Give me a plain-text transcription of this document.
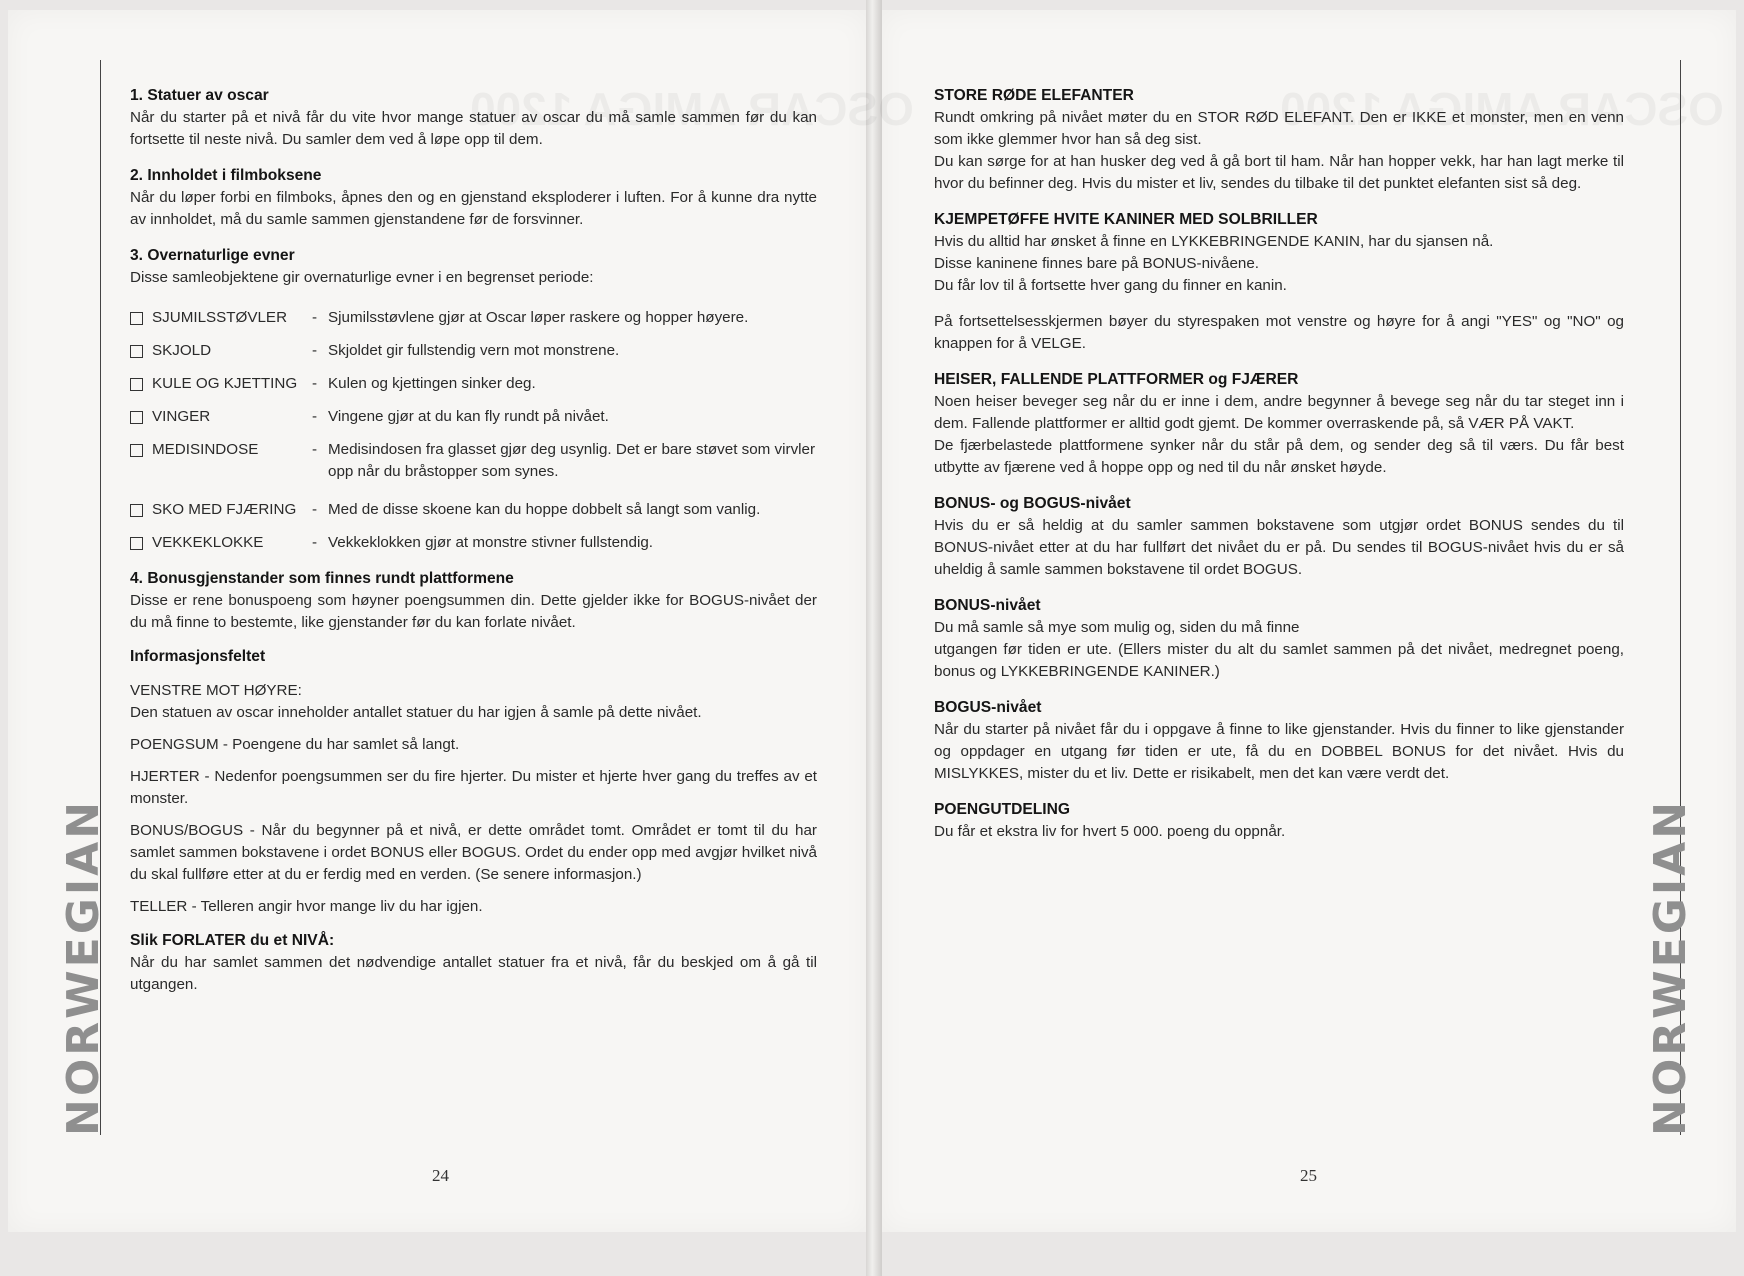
NORWEGIAN	NORWEGIAN
1. Statuer av oscar

Når du starter på et nivå får du vite hvor mange statuer av oscar du må samle sammen før du kan fortsette til neste nivå. Du samler dem ved å løpe opp til dem.

2. Innholdet i filmboksene

Når du løper forbi en filmboks, åpnes den og en gjenstand eksploderer i luften. For å kunne dra nytte av innholdet, må du samle sammen gjenstandene før de forsvinner.

3. Overnaturlige evner

Disse samleobjektene gir overnaturlige evner i en begrenset periode:

SJUMILSSTØVLER	- Sjumilsstøvlene gjør at Oscar løper raskere og hopper høyere.
SKJOLD	- Skjoldet gir fullstendig vern mot monstrene.
KULE OG KJETTING - Kulen og kjettingen sinker deg.
VINGER	- Vingene gjør at du kan fly rundt på nivået.
MEDISINDOSE	- Medisindosen fra glasset gjør deg usynlig. Det er bare støvet som virvler opp når du bråstopper som synes.
SKO MED FJÆRING	- Med de disse skoene kan du hoppe dobbelt så langt som vanlig.
VEKKEKLOKKE	- Vekkeklokken gjør at monstre stivner fullstendig.
4. Bonusgjenstander som finnes rundt plattformene

Disse er rene bonuspoeng som høyner poengsummen din. Dette gjelder ikke for BOGUS-nivået der du må finne to bestemte, like gjenstander før du kan forlate nivået.

Informasjonsfeltet

VENSTRE MOT HØYRE:

Den statuen av oscar inneholder antallet statuer du har igjen å samle på dette nivået.

POENGSUM - Poengene du har samlet så langt.

HJERTER - Nedenfor poengsummen ser du fire hjerter. Du mister et hjerte hver gang du treffes av et monster.

BONUS/BOGUS - Når du begynner på et nivå, er dette området tomt. Området er tomt til du har samlet sammen bokstavene i ordet BONUS eller BOGUS. Ordet du ender opp med avgjør hvilket nivå du skal fullføre etter at du er ferdig med en verden. (Se senere informasjon.)

TELLER - Telleren angir hvor mange liv du har igjen.

Slik FORLATER du et NIVÅ:

Når du har samlet sammen det nødvendige antallet statuer fra et nivå, får du beskjed om å gå til utgangen.

24
STORE RØDE ELEFANTER

Rundt omkring på nivået møter du en STOR RØD ELEFANT. Den er IKKE et monster, men en venn som ikke glemmer hvor han så deg sist.

Du kan sørge for at han husker deg ved å gå bort til ham. Når han hopper vekk, har han lagt merke til hvor du befinner deg. Hvis du mister et liv, sendes du tilbake til det punktet elefanten sist så deg.

KJEMPETØFFE HVITE KANINER MED SOLBRILLER

Hvis du alltid har ønsket å finne en LYKKEBRINGENDE KANIN, har du sjansen nå.

Disse kaninene finnes bare på BONUS-nivåene.

Du får lov til å fortsette hver gang du finner en kanin.

På fortsettelsesskjermen bøyer du styrespaken mot venstre og høyre for å angi "YES" og "NO" og knappen for å VELGE.

HEISER, FALLENDE PLATTFORMER og FJÆRER

Noen heiser beveger seg når du er inne i dem, andre begynner å bevege seg når du tar steget inn i dem. Fallende plattformer er alltid godt gjemt. De kommer overraskende på, så VÆR PÅ VAKT.

De fjærbelastede plattformene synker når du står på dem, og sender deg så til værs. Du får best utbytte av fjærene ved å hoppe opp og ned til du når ønsket høyde.

BONUS- og BOGUS-nivået

Hvis du er så heldig at du samler sammen bokstavene som utgjør ordet BONUS sendes du til BONUS-nivået etter at du har fullført det nivået du er på. Du sendes til BOGUS-nivået hvis du er så uheldig å samle sammen bokstavene til ordet BOGUS.

BONUS-nivået

Du må samle så mye som mulig og, siden du må finne

utgangen før tiden er ute. (Ellers mister du alt du samlet sammen på det nivået, medregnet poeng, bonus og LYKKEBRINGENDE KANINER.)

BOGUS-nivået

Når du starter på nivået får du i oppgave å finne to like gjenstander. Hvis du finner to like gjenstander og oppdager en utgang før tiden er ute, få du en DOBBEL BONUS for det nivået. Hvis du MISLYKKES, mister du et liv. Dette er risikabelt, men det kan være verdt det.

POENGUTDELING

Du får et ekstra liv for hvert 5 000. poeng du oppnår.

25
